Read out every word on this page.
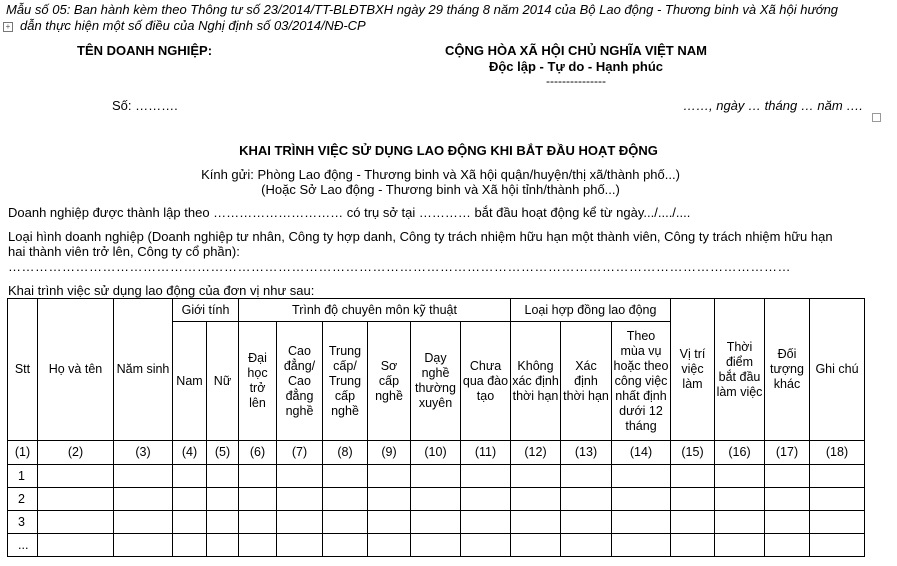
Mẫu số 05: Ban hành kèm theo Thông tư số 23/2014/TT-BLĐTBXH ngày 29 tháng 8 năm 2014 của Bộ Lao động - Thương binh và Xã hội hướng
dẫn thực hiện một số điều của Nghị định số 03/2014/NĐ-CP
+
TÊN DOANH NGHIỆP:	CỘNG HÒA XÃ HỘI CHỦ NGHĨA VIỆT NAM
Độc lập - Tự do - Hạnh phúc
---------------
Số: ……….	……, ngày … tháng … năm ….
KHAI TRÌNH VIỆC SỬ DỤNG LAO ĐỘNG KHI BẮT ĐẦU HOẠT ĐỘNG
Kính gửi: Phòng Lao động - Thương binh và Xã hội quận/huyện/thị xã/thành phố...)
(Hoặc Sở Lao động - Thương binh và Xã hội tỉnh/thành phố...)
Doanh nghiệp được thành lập theo ………………………… có trụ sở tại ………… bắt đầu hoạt động kể từ ngày.../..../....
Loại hình doanh nghiệp (Doanh nghiệp tư nhân, Công ty hợp danh, Công ty trách nhiệm hữu hạn một thành viên, Công ty trách nhiệm hữu hạn
hai thành viên trở lên, Công ty cổ phần):
…………………………………………………………………………………………………………………………………………………………
Khai trình việc sử dụng lao động của đơn vị như sau:
Stt	Họ và tên	Năm sinh	Giới tính		Trình độ chuyên môn kỹ thuật						Loại hợp đồng lao động			Vị trí việc làm	Thời điểm bắt đầu làm việc	Đối tượng khác	Ghi chú
			Nam	Nữ	Đại học trở lên	Cao đẳng/ Cao đẳng nghề	Trung cấp/ Trung cấp nghề	Sơ cấp nghề	Dạy nghề thường xuyên	Chưa qua đào tạo	Không xác định thời hạn	Xác định thời hạn	Theo mùa vụ hoặc theo công việc nhất định dưới 12 tháng				
(1)	(2)	(3)	(4)	(5)	(6)	(7)	(8)	(9)	(10)	(11)	(12)	(13)	(14)	(15)	(16)	(17)	(18)
1																	
2																	
3																	
...																	
